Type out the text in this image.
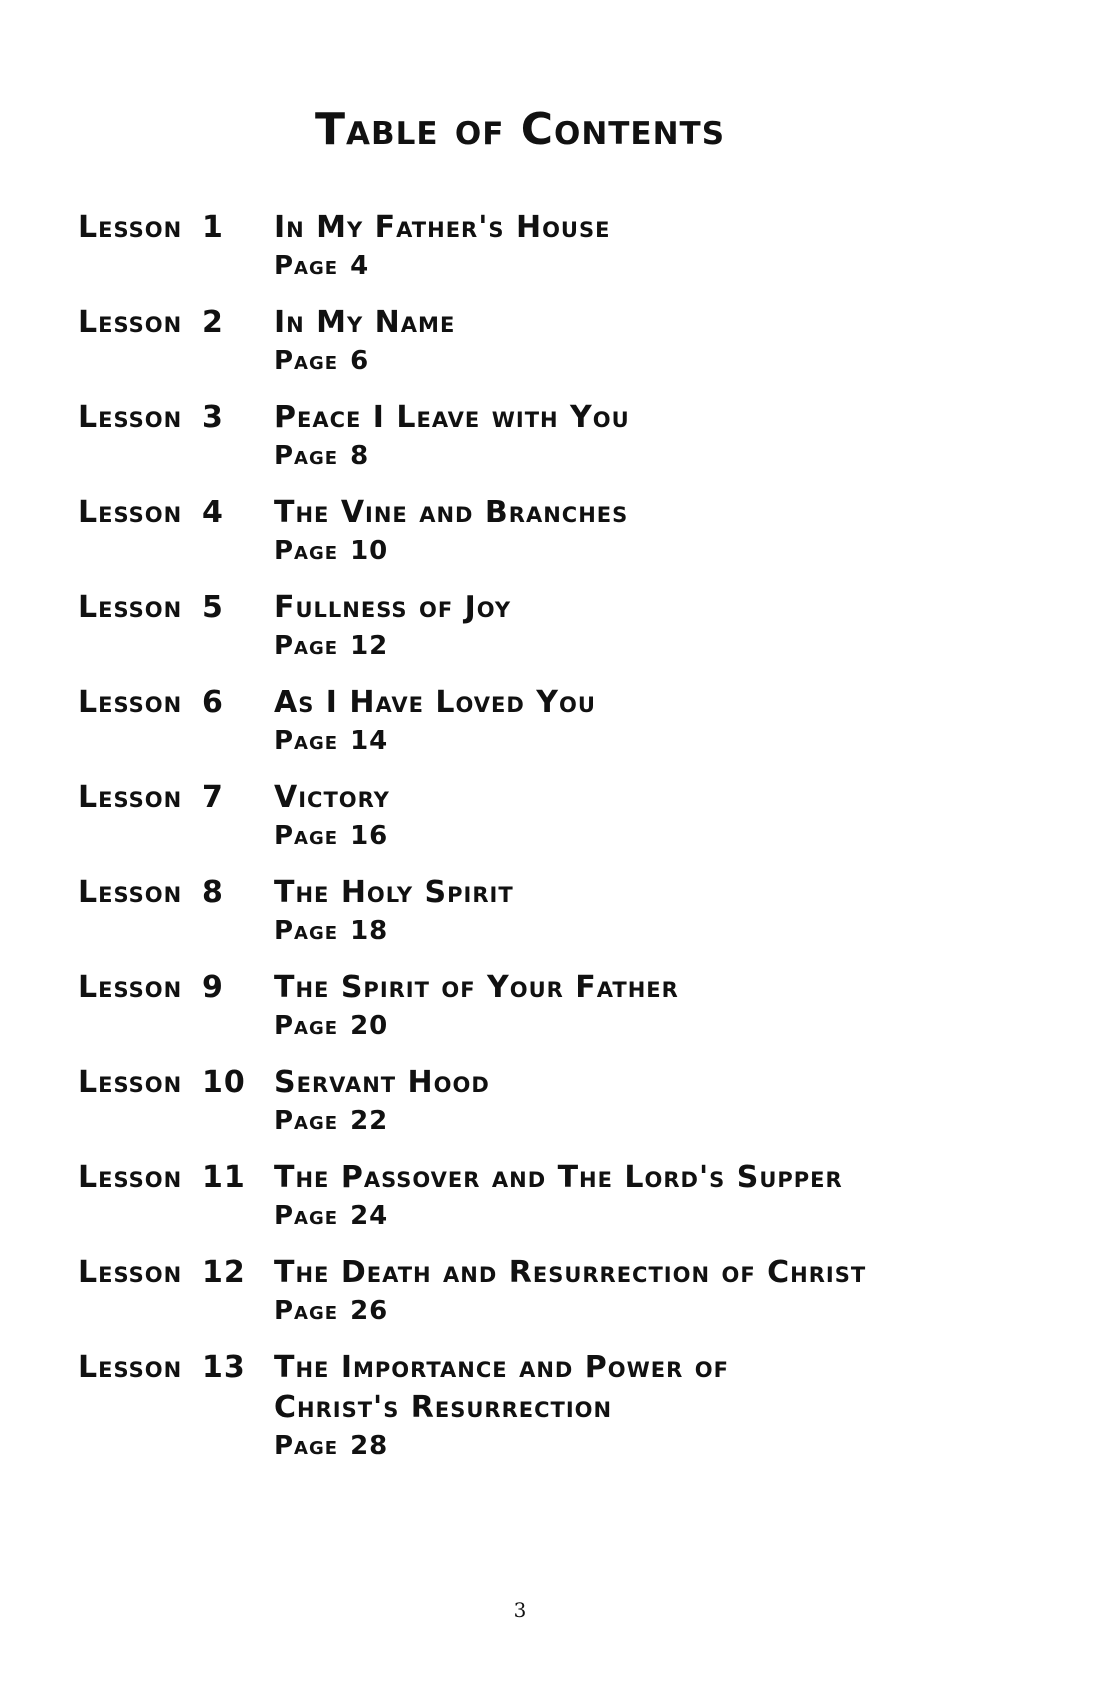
Table of Contents
Lesson 1 In My Father's House
Page 4
Lesson 2 In My Name
Page 6
Lesson 3 Peace I Leave with You
Page 8
Lesson 4 The Vine and Branches
Page 10
Lesson 5 Fullness of Joy
Page 12
Lesson 6 As I Have Loved You
Page 14
Lesson 7 Victory
Page 16
Lesson 8 The Holy Spirit
Page 18
Lesson 9 The Spirit of Your Father
Page 20
Lesson 10 Servant Hood
Page 22
Lesson 11 The Passover and The Lord's Supper
Page 24
Lesson 12 The Death and Resurrection of Christ
Page 26
Lesson 13 The Importance and Power of Christ's Resurrection
Page 28
3
